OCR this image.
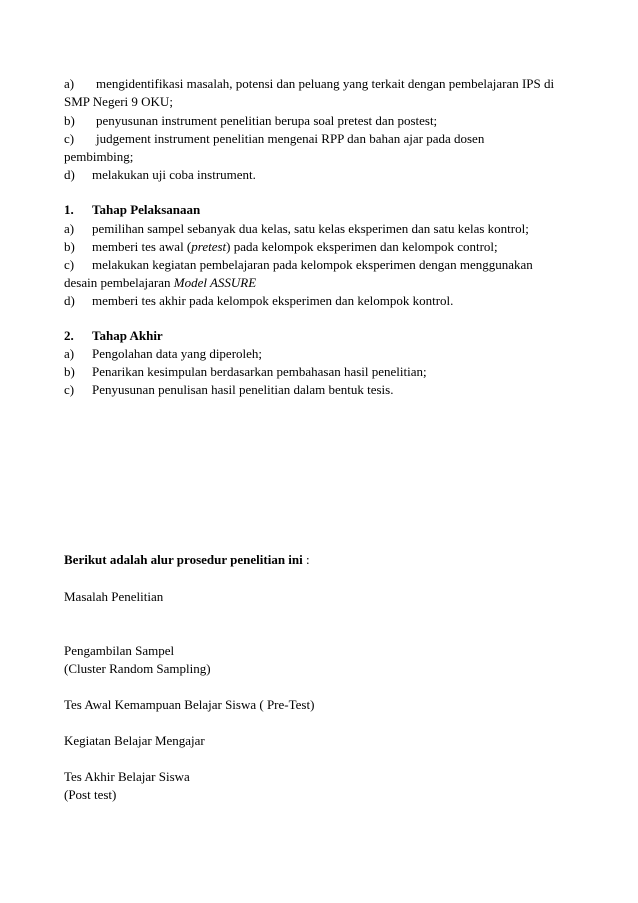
a) mengidentifikasi masalah, potensi dan peluang yang terkait dengan pembelajaran IPS di
SMP Negeri 9 OKU;
b) penyusunan instrument penelitian berupa soal pretest dan postest;
c) judgement instrument penelitian mengenai RPP dan bahan ajar pada dosen
pembimbing;
d) melakukan uji coba instrument.
1. Tahap Pelaksanaan
a) pemilihan sampel sebanyak dua kelas, satu kelas eksperimen dan satu kelas kontrol;
b) memberi tes awal (pretest) pada kelompok eksperimen dan kelompok control;
c) melakukan kegiatan pembelajaran pada kelompok eksperimen dengan menggunakan
desain pembelajaran Model ASSURE
d) memberi tes akhir pada kelompok eksperimen dan kelompok kontrol.
2. Tahap Akhir
a) Pengolahan data yang diperoleh;
b) Penarikan kesimpulan berdasarkan pembahasan hasil penelitian;
c) Penyusunan penulisan hasil penelitian dalam bentuk tesis.
Berikut adalah alur prosedur penelitian ini :
Masalah Penelitian
Pengambilan Sampel
(Cluster Random Sampling)
Tes Awal Kemampuan Belajar Siswa ( Pre-Test)
Kegiatan Belajar Mengajar
Tes Akhir Belajar Siswa
(Post test)
